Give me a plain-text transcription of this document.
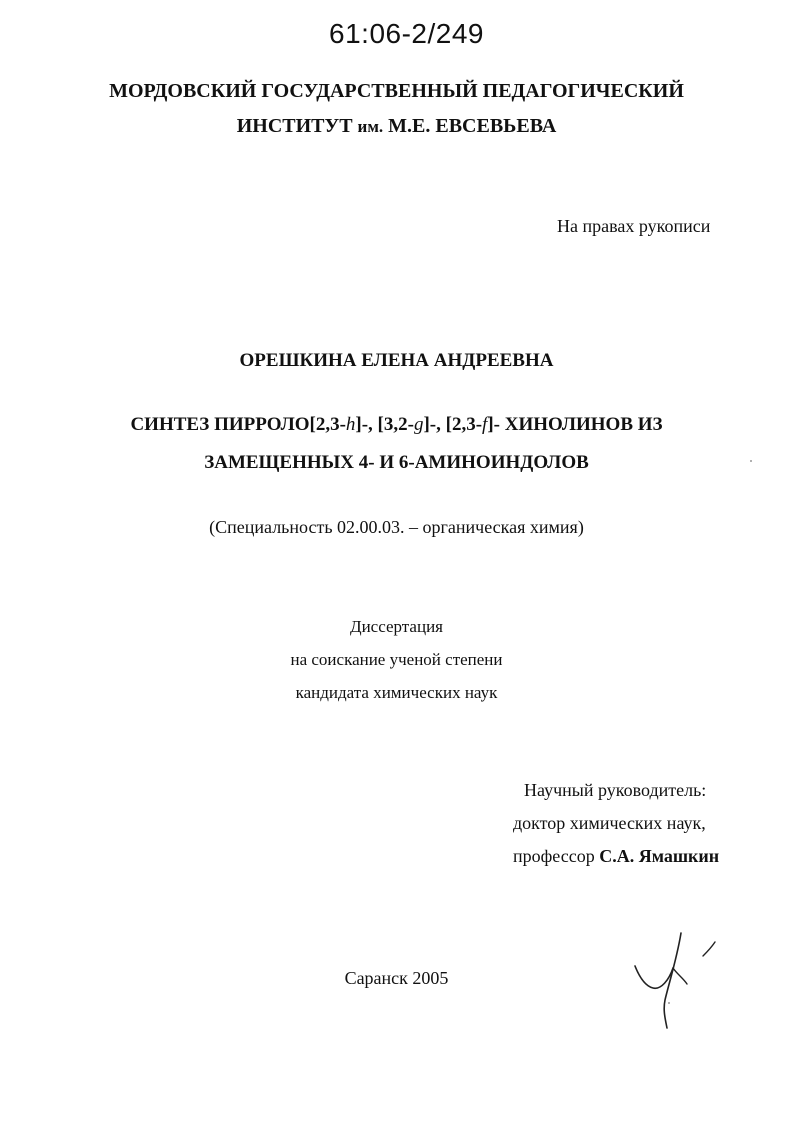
61:06-2/249
МОРДОВСКИЙ ГОСУДАРСТВЕННЫЙ ПЕДАГОГИЧЕСКИЙ
ИНСТИТУТ им. М.Е. ЕВСЕВЬЕВА
На правах рукописи
ОРЕШКИНА ЕЛЕНА АНДРЕЕВНА
СИНТЕЗ ПИРРОЛО[2,3-h]-, [3,2-g]-, [2,3-f]- ХИНОЛИНОВ ИЗ
ЗАМЕЩЕННЫХ 4- И 6-АМИНОИНДОЛОВ
(Специальность 02.00.03. – органическая химия)
Диссертация
на соискание ученой степени
кандидата химических наук
Научный руководитель:
доктор химических наук,
профессор С.А. Ямашкин
Саранск 2005
